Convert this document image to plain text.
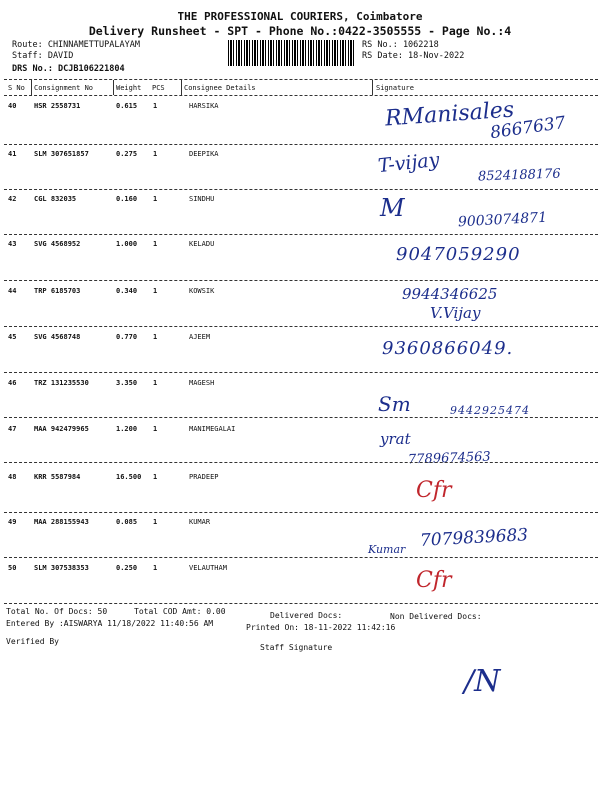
THE PROFESSIONAL COURIERS, Coimbatore
Delivery Runsheet - SPT - Phone No.:0422-3505555 - Page No.:4
Route: CHINNAMETTUPALAYAM
Staff: DAVID
DRS No.: DCJB106221804
RS No.: 1062218
RS Date: 18-Nov-2022
S No Consignment No	Weight PCS	Consignee Details	Signature
40	HSR 2558731	0.615 1	HARSIKA	RManisales
8667637
41	SLM 307651857	0.275 1	DEEPIKA	T-vijay	8524188176
42	CGL 832035	0.160 1	SINDHU	M	9003074871
43	SVG 4568952	1.000 1	KELADU	9047059290
44	TRP 6185703	0.340 1	KOWSIK	9944346625
V.Vijay
45	SVG 4568748	0.770 1	AJEEM
9360866049.
46	TRZ 131235530	3.350 1	MAGESH
Sm	9442925474
47	MAA 942479965	1.200 1	MANIMEGALAI
yrat
7789674563
48	KRR 5587984	16.500 1	PRADEEP
Cfr
49	MAA 288155943	0.085 1	KUMAR
7079839683
Kumar
50	SLM 307538353	0.250 1	VELAUTHAM	Cfr
Total No. Of Docs: 50	Total COD Amt: 0.00	Delivered Docs:	Non Delivered Docs:
Entered By :AISWARYA 11/18/2022 11:40:56 AM	Printed On: 18-11-2022 11:42:16
Verified By
Staff Signature
/N
